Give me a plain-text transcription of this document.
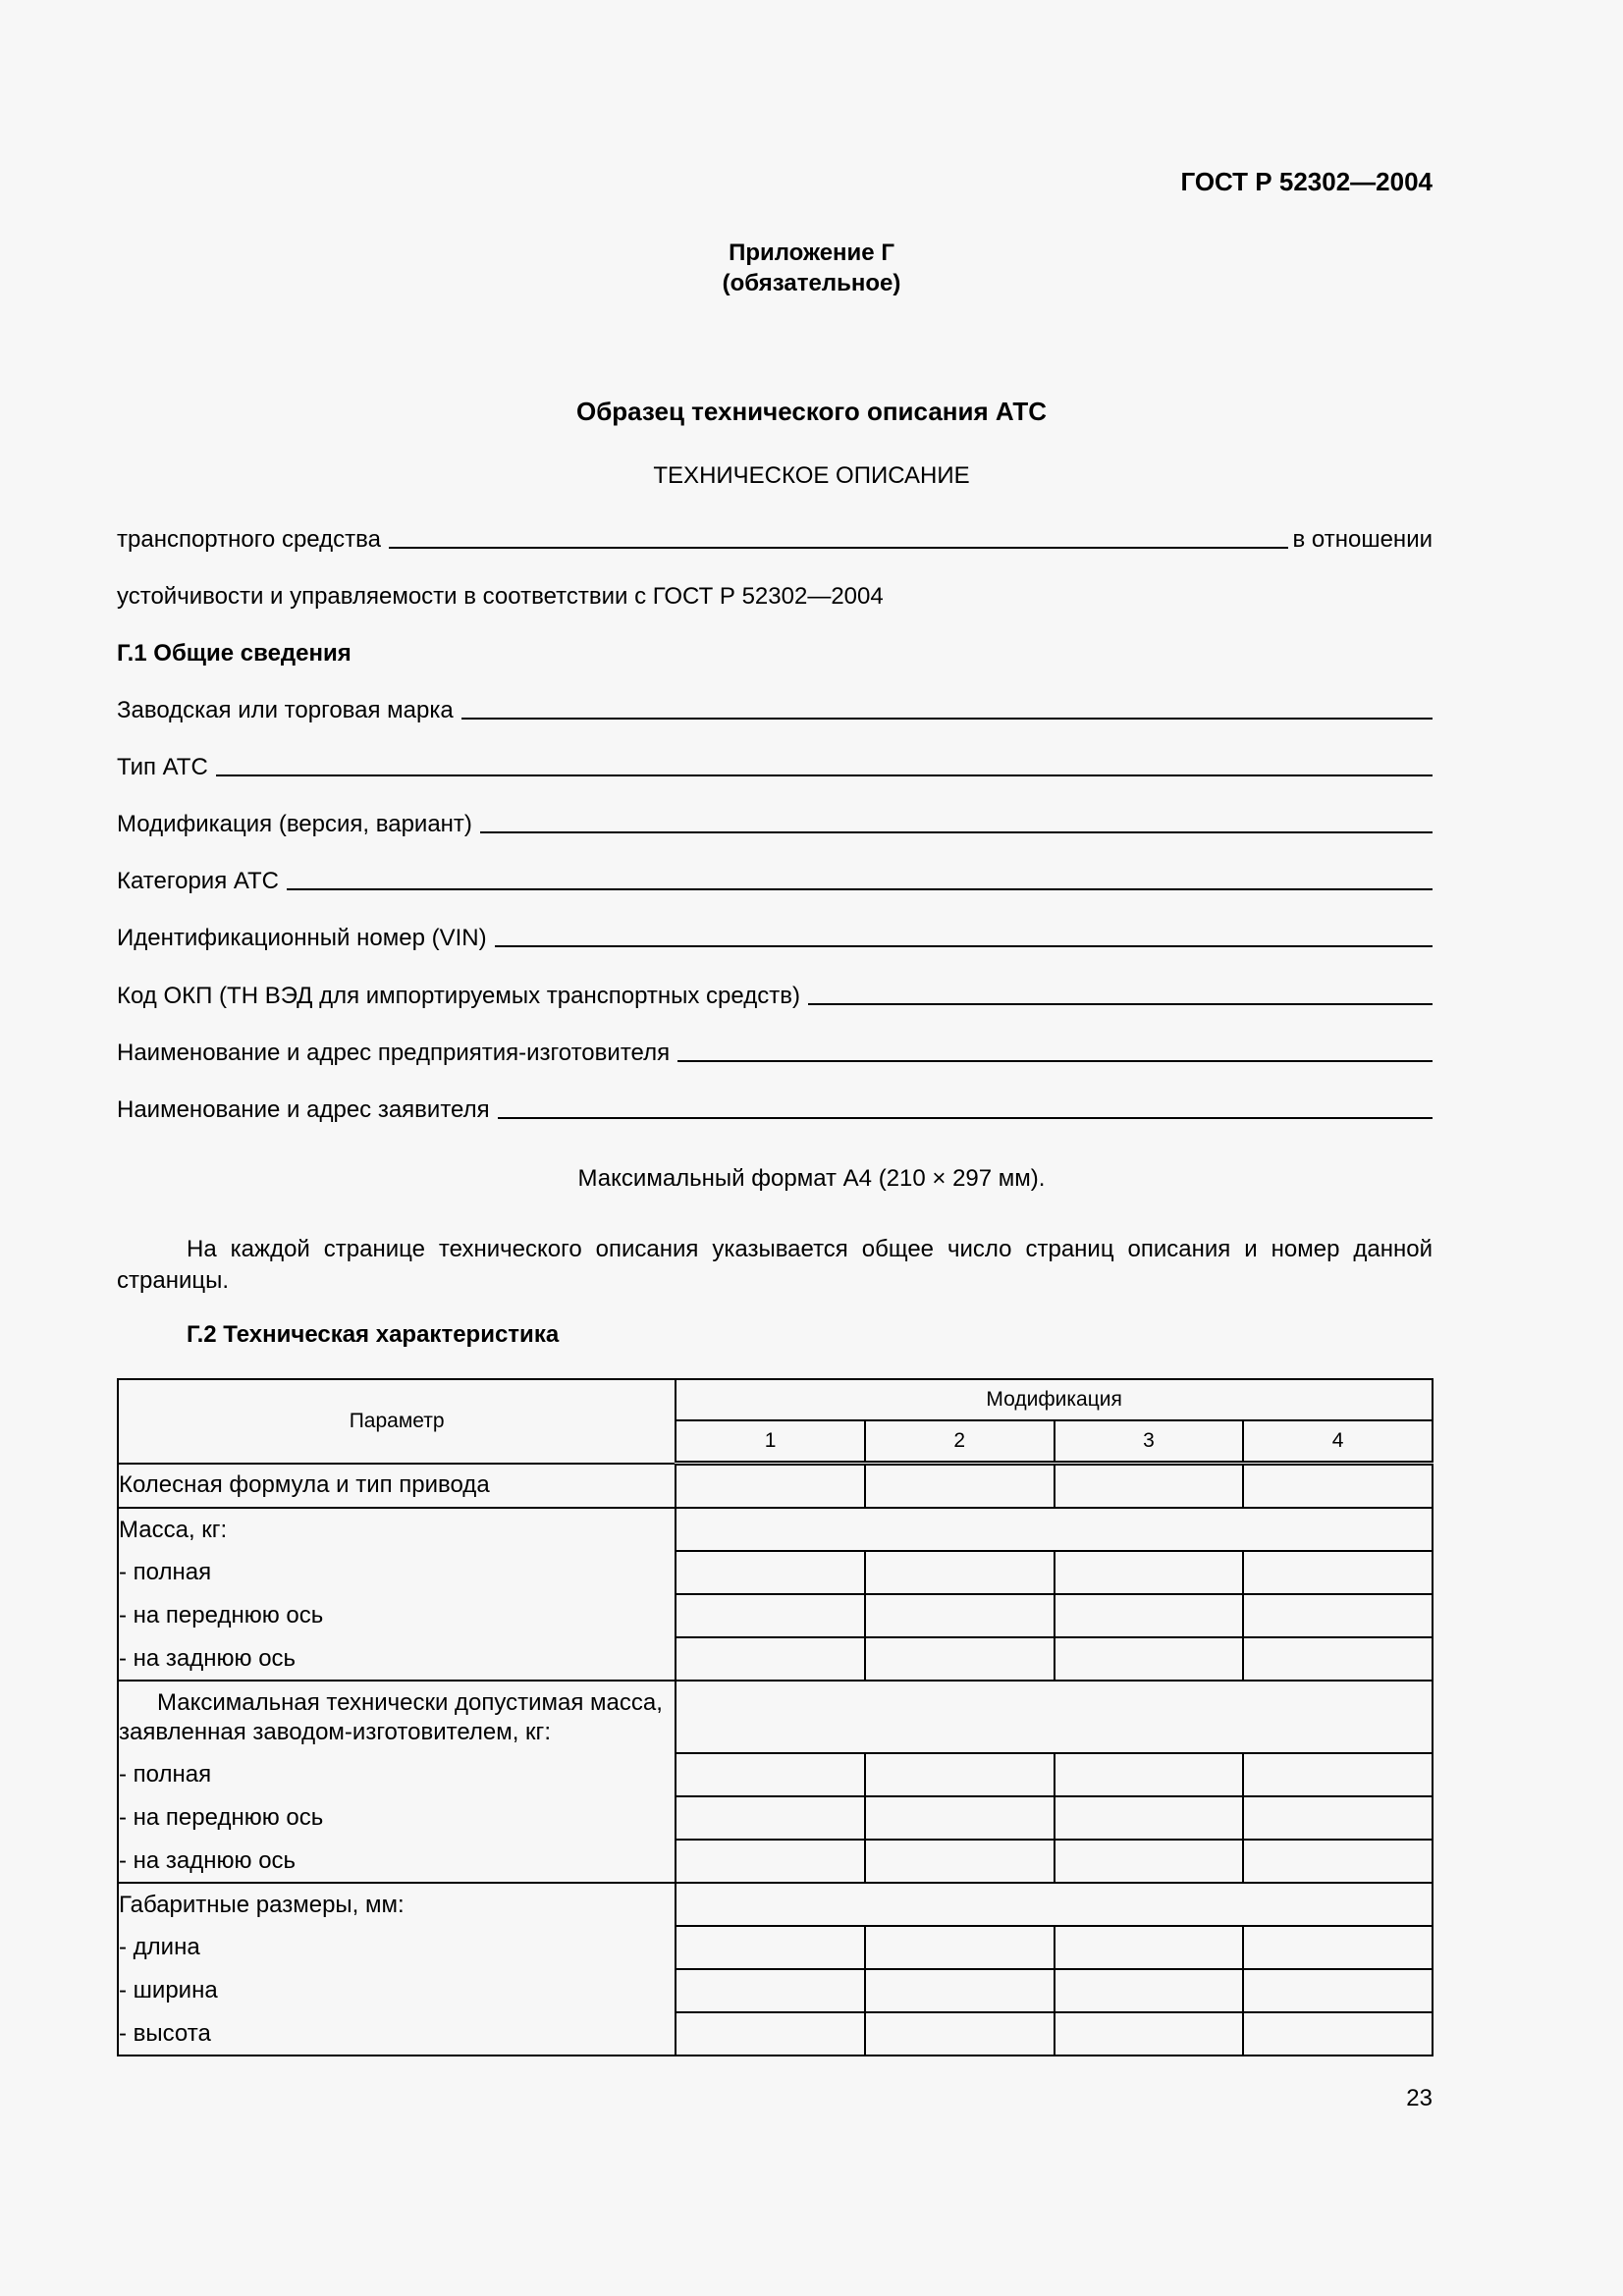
ГОСТ Р 52302—2004
Приложение Г
(обязательное)
Образец технического описания АТС
ТЕХНИЧЕСКОЕ ОПИСАНИЕ
транспортного средства	в отношении
устойчивости и управляемости в соответствии с ГОСТ Р 52302—2004
Г.1 Общие сведения
Заводская или торговая марка
Тип АТС
Модификация (версия, вариант)
Категория АТС
Идентификационный номер (VIN)
Код ОКП (ТН ВЭД для импортируемых транспортных средств)
Наименование и адрес предприятия-изготовителя
Наименование и адрес заявителя
Максимальный формат А4 (210 × 297 мм).
На каждой странице технического описания указывается общее число страниц описания и номер данной страницы.
Г.2 Техническая характеристика
Параметр	Модификация			
	1	2	3	4
Колесная формула и тип привода				
Масса, кг:				
- полная				
- на переднюю ось				
- на заднюю ось				
Максимальная технически допустимая масса, заявленная заводом-изготовителем, кг:				
- полная				
- на переднюю ось				
- на заднюю ось				
Габаритные размеры, мм:				
- длина				
- ширина				
- высота				
23
